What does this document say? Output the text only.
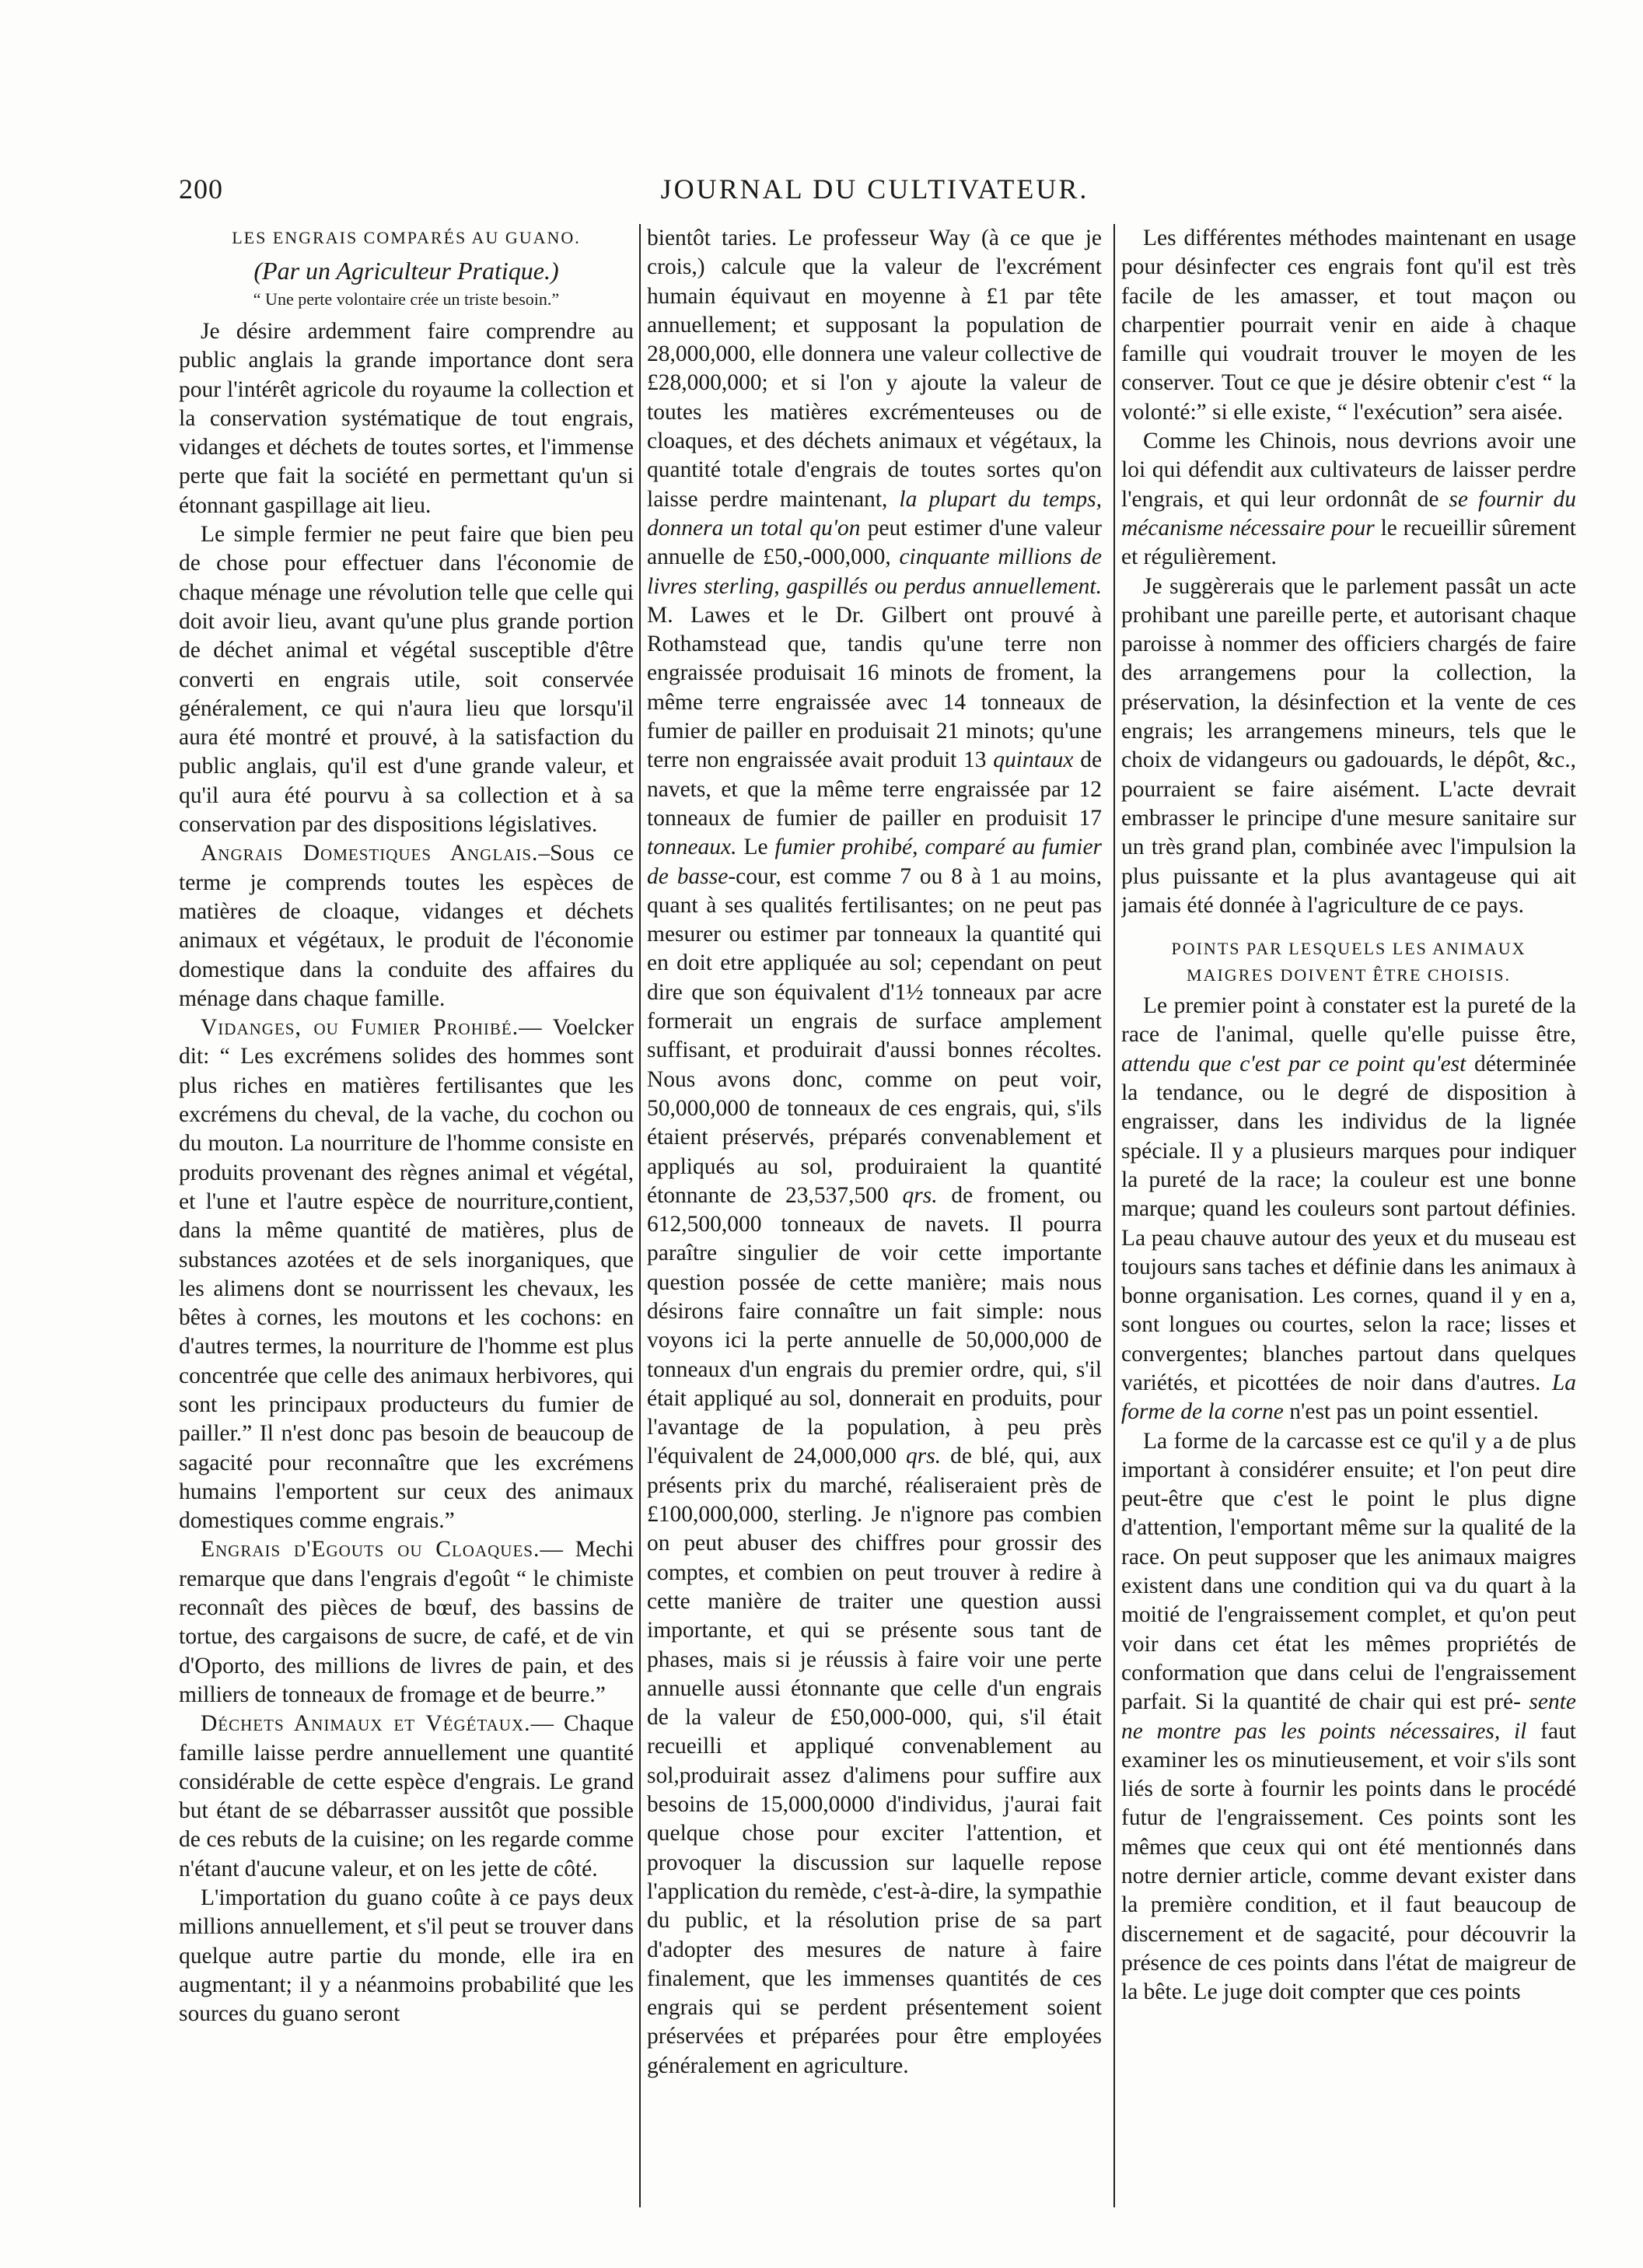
200	JOURNAL DU CULTIVATEUR.
LES ENGRAIS COMPARÉS AU GUANO.
(Par un Agriculteur Pratique.)
“ Une perte volontaire crée un triste besoin.”

Je désire ardemment faire comprendre au public anglais la grande importance dont sera pour l'intérêt agricole du royaume la collection et la conservation systématique de tout engrais, vidanges et déchets de toutes sortes, et l'immense perte que fait la société en permettant qu'un si étonnant gaspillage ait lieu.

Le simple fermier ne peut faire que bien peu de chose pour effectuer dans l'économie de chaque ménage une révolution telle que celle qui doit avoir lieu, avant qu'une plus grande portion de déchet animal et végétal susceptible d'être converti en engrais utile, soit conservée généralement, ce qui n'aura lieu que lorsqu'il aura été montré et prouvé, à la satisfaction du public anglais, qu'il est d'une grande valeur, et qu'il aura été pourvu à sa collection et à sa conservation par des dispositions législatives.

Angrais Domestiques Anglais.–Sous ce terme je comprends toutes les espèces de matières de cloaque, vidanges et déchets animaux et végétaux, le produit de l'économie domestique dans la conduite des affaires du ménage dans chaque famille.

Vidanges, ou Fumier Prohibé.— Voelcker dit: “ Les excrémens solides des hommes sont plus riches en matières fertilisantes que les excrémens du cheval, de la vache, du cochon ou du mouton. La nourriture de l'homme consiste en produits provenant des règnes animal et végétal, et l'une et l'autre espèce de nourriture,contient, dans la même quantité de matières, plus de substances azotées et de sels inorganiques, que les alimens dont se nourrissent les chevaux, les bêtes à cornes, les moutons et les cochons: en d'autres termes, la nourriture de l'homme est plus concentrée que celle des animaux herbivores, qui sont les principaux producteurs du fumier de pailler.” Il n'est donc pas besoin de beaucoup de sagacité pour reconnaître que les excrémens humains l'emportent sur ceux des animaux domestiques comme engrais.”

Engrais d'Egouts ou Cloaques.— Mechi remarque que dans l'engrais d'egoût “ le chimiste reconnaît des pièces de bœuf, des bassins de tortue, des cargaisons de sucre, de café, et de vin d'Oporto, des millions de livres de pain, et des milliers de tonneaux de fromage et de beurre.”

Déchets Animaux et Végétaux.— Chaque famille laisse perdre annuellement une quantité considérable de cette espèce d'engrais. Le grand but étant de se débarrasser aussitôt que possible de ces rebuts de la cuisine; on les regarde comme n'étant d'aucune valeur, et on les jette de côté.

L'importation du guano coûte à ce pays deux millions annuellement, et s'il peut se trouver dans quelque autre partie du monde, elle ira en augmentant; il y a néanmoins probabilité que les sources du guano seront

bientôt taries. Le professeur Way (à ce que je crois,) calcule que la valeur de l'excrément humain équivaut en moyenne à £1 par tête annuellement; et supposant la population de 28,000,000, elle donnera une valeur collective de £28,000,000; et si l'on y ajoute la valeur de toutes les matières excrémenteuses ou de cloaques, et des déchets animaux et végétaux, la quantité totale d'engrais de toutes sortes qu'on laisse perdre maintenant, la plupart du temps, donnera un total qu'on peut estimer d'une valeur annuelle de £50,-000,000, cinquante millions de livres sterling, gaspillés ou perdus annuellement. M. Lawes et le Dr. Gilbert ont prouvé à Rothamstead que, tandis qu'une terre non engraissée produisait 16 minots de froment, la même terre engraissée avec 14 tonneaux de fumier de pailler en produisait 21 minots; qu'une terre non engraissée avait produit 13 quintaux de navets, et que la même terre engraissée par 12 tonneaux de fumier de pailler en produisit 17 tonneaux. Le fumier prohibé, comparé au fumier de basse-cour, est comme 7 ou 8 à 1 au moins, quant à ses qualités fertilisantes; on ne peut pas mesurer ou estimer par tonneaux la quantité qui en doit etre appliquée au sol; cependant on peut dire que son équivalent d'1½ tonneaux par acre formerait un engrais de surface amplement suffisant, et produirait d'aussi bonnes récoltes. Nous avons donc, comme on peut voir, 50,000,000 de tonneaux de ces engrais, qui, s'ils étaient préservés, préparés convenablement et appliqués au sol, produiraient la quantité étonnante de 23,537,500 qrs. de froment, ou 612,500,000 tonneaux de navets. Il pourra paraître singulier de voir cette importante question possée de cette manière; mais nous désirons faire connaître un fait simple: nous voyons ici la perte annuelle de 50,000,000 de tonneaux d'un engrais du premier ordre, qui, s'il était appliqué au sol, donnerait en produits, pour l'avantage de la population, à peu près l'équivalent de 24,000,000 qrs. de blé, qui, aux présents prix du marché, réaliseraient près de £100,000,000, sterling. Je n'ignore pas combien on peut abuser des chiffres pour grossir des comptes, et combien on peut trouver à redire à cette manière de traiter une question aussi importante, et qui se présente sous tant de phases, mais si je réussis à faire voir une perte annuelle aussi étonnante que celle d'un engrais de la valeur de £50,000-000, qui, s'il était recueilli et appliqué convenablement au sol,produirait assez d'alimens pour suffire aux besoins de 15,000,0000 d'individus, j'aurai fait quelque chose pour exciter l'attention, et provoquer la discussion sur laquelle repose l'application du remède, c'est-à-dire, la sympathie du public, et la résolution prise de sa part d'adopter des mesures de nature à faire finalement, que les immenses quantités de ces engrais qui se perdent présentement soient préservées et préparées pour être employées généralement en agriculture.

Les différentes méthodes maintenant en usage pour désinfecter ces engrais font qu'il est très facile de les amasser, et tout maçon ou charpentier pourrait venir en aide à chaque famille qui voudrait trouver le moyen de les conserver. Tout ce que je désire obtenir c'est “ la volonté:” si elle existe, “ l'exécution” sera aisée.

Comme les Chinois, nous devrions avoir une loi qui défendit aux cultivateurs de laisser perdre l'engrais, et qui leur ordonnât de se fournir du mécanisme nécessaire pour le recueillir sûrement et régulièrement.

Je suggèrerais que le parlement passât un acte prohibant une pareille perte, et autorisant chaque paroisse à nommer des officiers chargés de faire des arrangemens pour la collection, la préservation, la désinfection et la vente de ces engrais; les arrangemens mineurs, tels que le choix de vidangeurs ou gadouards, le dépôt, &c., pourraient se faire aisément. L'acte devrait embrasser le principe d'une mesure sanitaire sur un très grand plan, combinée avec l'impulsion la plus puissante et la plus avantageuse qui ait jamais été donnée à l'agriculture de ce pays.

POINTS PAR LESQUELS LES ANIMAUX
MAIGRES DOIVENT ÊTRE CHOISIS.

Le premier point à constater est la pureté de la race de l'animal, quelle qu'elle puisse être, attendu que c'est par ce point qu'est déterminée la tendance, ou le degré de disposition à engraisser, dans les individus de la lignée spéciale. Il y a plusieurs marques pour indiquer la pureté de la race; la couleur est une bonne marque; quand les couleurs sont partout définies. La peau chauve autour des yeux et du museau est toujours sans taches et définie dans les animaux à bonne organisation. Les cornes, quand il y en a, sont longues ou courtes, selon la race; lisses et convergentes; blanches partout dans quelques variétés, et picottées de noir dans d'autres. La forme de la corne n'est pas un point essentiel.

La forme de la carcasse est ce qu'il y a de plus important à considérer ensuite; et l'on peut dire peut-être que c'est le point le plus digne d'attention, l'emportant même sur la qualité de la race. On peut supposer que les animaux maigres existent dans une condition qui va du quart à la moitié de l'engraissement complet, et qu'on peut voir dans cet état les mêmes propriétés de conformation que dans celui de l'engraissement parfait. Si la quantité de chair qui est pré- sente ne montre pas les points nécessaires, il faut examiner les os minutieusement, et voir s'ils sont liés de sorte à fournir les points dans le procédé futur de l'engraissement. Ces points sont les mêmes que ceux qui ont été mentionnés dans notre dernier article, comme devant exister dans la première condition, et il faut beaucoup de discernement et de sagacité, pour découvrir la présence de ces points dans l'état de maigreur de la bête. Le juge doit compter que ces points
